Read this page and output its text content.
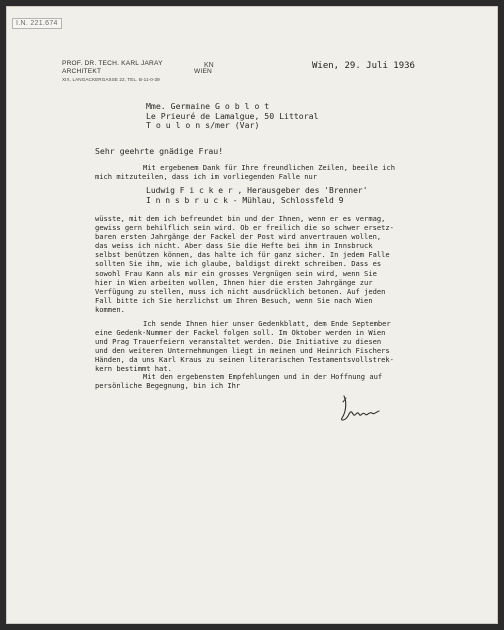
I.N. 221.674
PROF. DR. TECH. KARL JARAY
ARCHITEKT	WIEN
XIX, LANGACKERGASSE 22, TEL. B-11-0-39
KN	Wien, 29. Juli 1936
Mme. Germaine G o b l o t
Le Prieuré de Lamalgue, 50 Littoral
T o u l o n s/mer (Var)
Sehr geehrte gnädige Frau!
Mit ergebenem Dank für Ihre freundlichen Zeilen, beeile ich
mich mitzuteilen, dass ich im vorliegenden Falle nur
Ludwig F i c k e r , Herausgeber des 'Brenner'
I n n s b r u c k - Mühlau, Schlossfeld 9
wüsste, mit dem ich befreundet bin und der Ihnen, wenn er es vermag,
gewiss gern behilflich sein wird. Ob er freilich die so schwer ersetz-
baren ersten Jahrgänge der Fackel der Post wird anvertrauen wollen,
das weiss ich nicht. Aber dass Sie die Hefte bei ihm in Innsbruck
selbst benützen können, das halte ich für ganz sicher. In jedem Falle
sollten Sie ihm, wie ich glaube, baldigst direkt schreiben. Dass es
sowohl Frau Kann als mir ein grosses Vergnügen sein wird, wenn Sie
hier in Wien arbeiten wollen, Ihnen hier die ersten Jahrgänge zur
Verfügung zu stellen, muss ich nicht ausdrücklich betonen. Auf jeden
Fall bitte ich Sie herzlichst um Ihren Besuch, wenn Sie nach Wien
kommen.
Ich sende Ihnen hier unser Gedenkblatt, dem Ende September
eine Gedenk-Nummer der Fackel folgen soll. Im Oktober werden in Wien
und Prag Trauerfeiern veranstaltet werden. Die Initiative zu diesen
und den weiteren Unternehmungen liegt in meinen und Heinrich Fischers
Händen, da uns Karl Kraus zu seinen literarischen Testamentsvollstrek-
kern bestimmt hat.
Mit den ergebenstem Empfehlungen und in der Hoffnung auf
persönliche Begegnung, bin ich Ihr
